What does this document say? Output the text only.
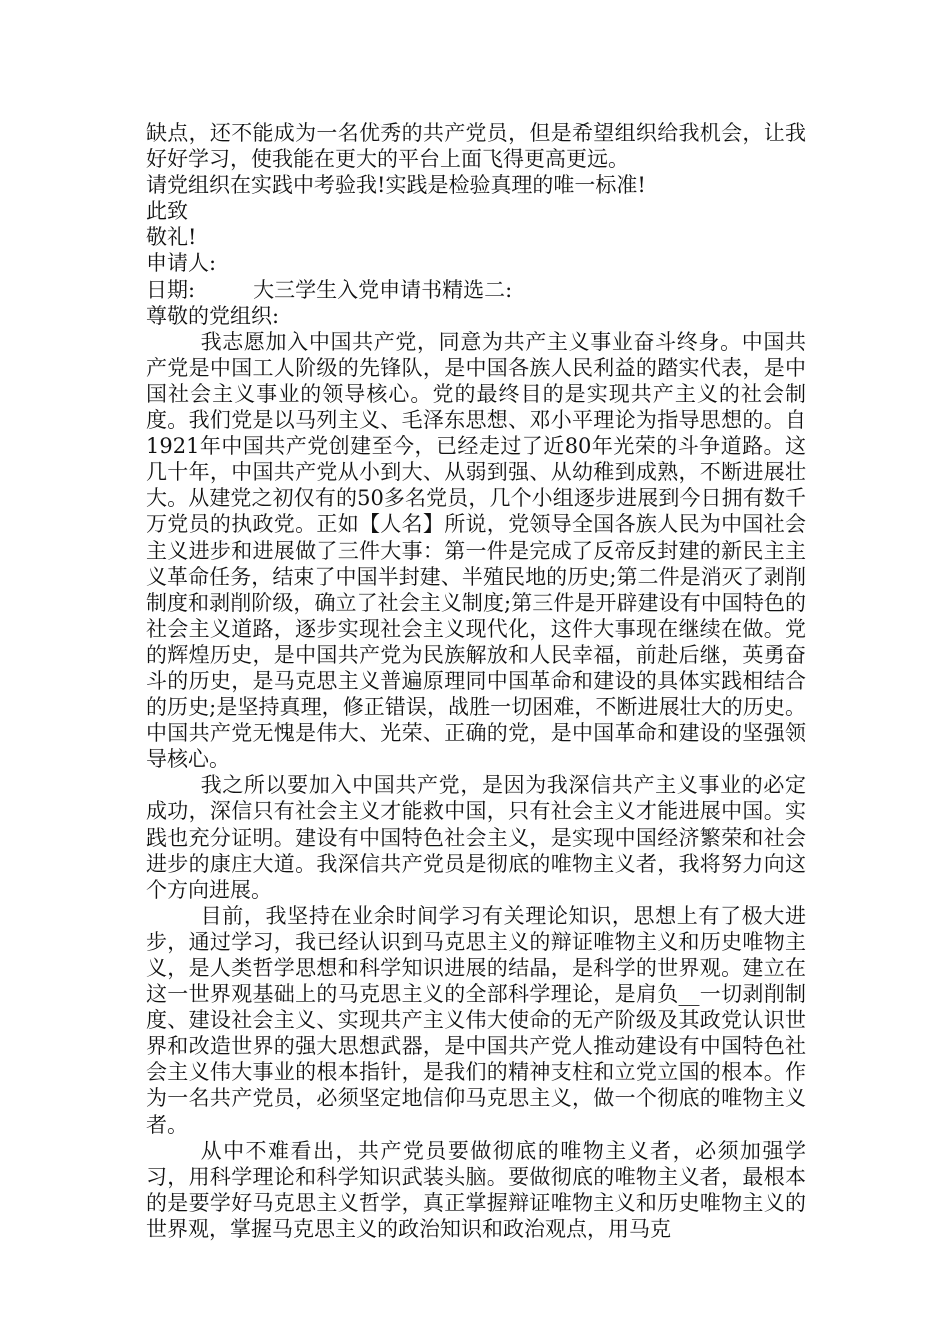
缺点，还不能成为一名优秀的共产党员，但是希望组织给我机会，让我好好学习，使我能在更大的平台上面飞得更高更远。

请党组织在实践中考验我!实践是检验真理的唯一标准!

此致

敬礼!

申请人:

日期:	大三学生入党申请书精选二:

尊敬的党组织:

我志愿加入中国共产党，同意为共产主义事业奋斗终身。中国共产党是中国工人阶级的先锋队，是中国各族人民利益的踏实代表，是中国社会主义事业的领导核心。党的最终目的是实现共产主义的社会制度。我们党是以马列主义、毛泽东思想、邓小平理论为指导思想的。自1921年中国共产党创建至今，已经走过了近80年光荣的斗争道路。这几十年，中国共产党从小到大、从弱到强、从幼稚到成熟，不断进展壮大。从建党之初仅有的50多名党员，几个小组逐步进展到今日拥有数千万党员的执政党。正如【人名】所说，党领导全国各族人民为中国社会主义进步和进展做了三件大事：第一件是完成了反帝反封建的新民主主义革命任务，结束了中国半封建、半殖民地的历史;第二件是消灭了剥削制度和剥削阶级，确立了社会主义制度;第三件是开辟建设有中国特色的社会主义道路，逐步实现社会主义现代化，这件大事现在继续在做。党的辉煌历史，是中国共产党为民族解放和人民幸福，前赴后继，英勇奋斗的历史，是马克思主义普遍原理同中国革命和建设的具体实践相结合的历史;是坚持真理，修正错误，战胜一切困难，不断进展壮大的历史。中国共产党无愧是伟大、光荣、正确的党，是中国革命和建设的坚强领导核心。

我之所以要加入中国共产党，是因为我深信共产主义事业的必定成功，深信只有社会主义才能救中国，只有社会主义才能进展中国。实践也充分证明。建设有中国特色社会主义，是实现中国经济繁荣和社会进步的康庄大道。我深信共产党员是彻底的唯物主义者，我将努力向这个方向进展。

目前，我坚持在业余时间学习有关理论知识，思想上有了极大进步，通过学习，我已经认识到马克思主义的辩证唯物主义和历史唯物主义，是人类哲学思想和科学知识进展的结晶，是科学的世界观。建立在这一世界观基础上的马克思主义的全部科学理论，是肩负__一切剥削制度、建设社会主义、实现共产主义伟大使命的无产阶级及其政党认识世界和改造世界的强大思想武器，是中国共产党人推动建设有中国特色社会主义伟大事业的根本指针，是我们的精神支柱和立党立国的根本。作为一名共产党员，必须坚定地信仰马克思主义，做一个彻底的唯物主义者。

从中不难看出，共产党员要做彻底的唯物主义者，必须加强学习，用科学理论和科学知识武装头脑。要做彻底的唯物主义者，最根本的是要学好马克思主义哲学，真正掌握辩证唯物主义和历史唯物主义的世界观，掌握马克思主义的政治知识和政治观点，用马克
